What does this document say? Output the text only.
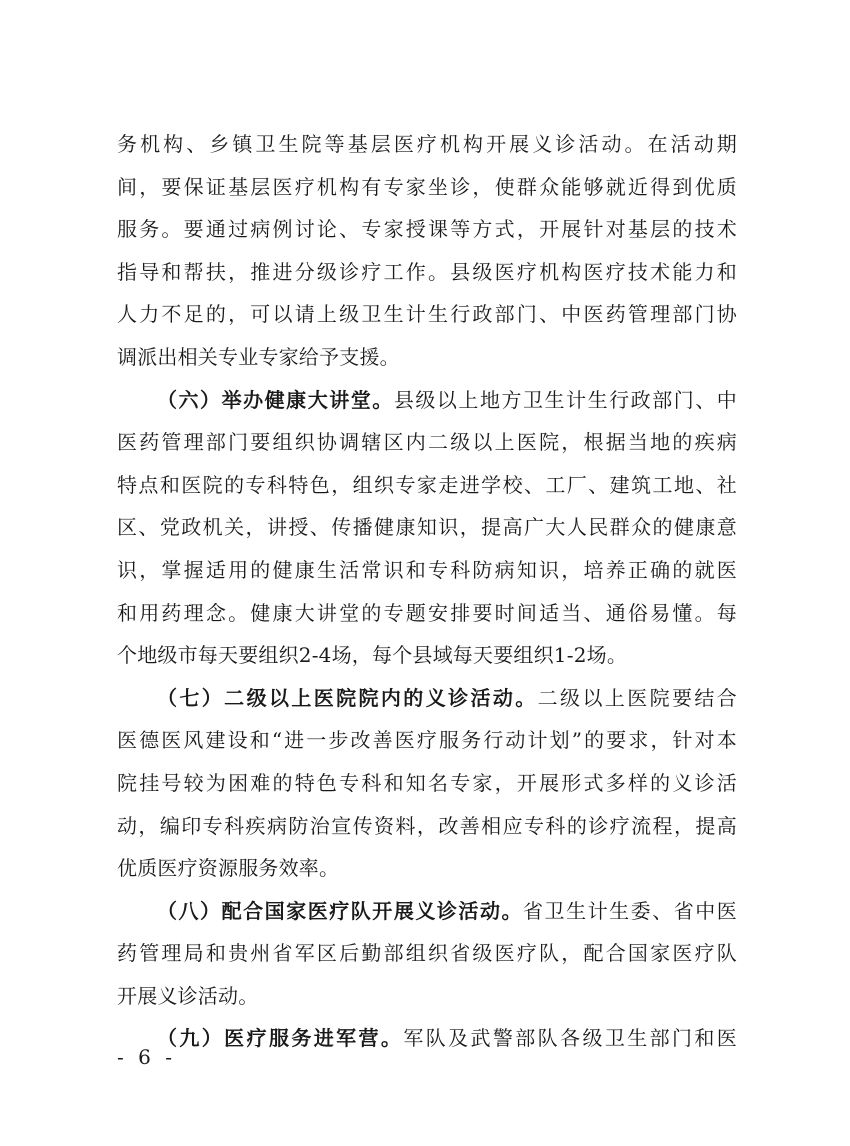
务机构、乡镇卫生院等基层医疗机构开展义诊活动。在活动期
间，要保证基层医疗机构有专家坐诊，使群众能够就近得到优质
服务。要通过病例讨论、专家授课等方式，开展针对基层的技术
指导和帮扶，推进分级诊疗工作。县级医疗机构医疗技术能力和
人力不足的，可以请上级卫生计生行政部门、中医药管理部门协
调派出相关专业专家给予支援。
（六）举办健康大讲堂。县级以上地方卫生计生行政部门、中
医药管理部门要组织协调辖区内二级以上医院，根据当地的疾病
特点和医院的专科特色，组织专家走进学校、工厂、建筑工地、社
区、党政机关，讲授、传播健康知识，提高广大人民群众的健康意
识，掌握适用的健康生活常识和专科防病知识，培养正确的就医
和用药理念。健康大讲堂的专题安排要时间适当、通俗易懂。每
个地级市每天要组织2-4场，每个县域每天要组织1-2场。
（七）二级以上医院院内的义诊活动。二级以上医院要结合
医德医风建设和“进一步改善医疗服务行动计划”的要求，针对本
院挂号较为困难的特色专科和知名专家，开展形式多样的义诊活
动，编印专科疾病防治宣传资料，改善相应专科的诊疗流程，提高
优质医疗资源服务效率。
（八）配合国家医疗队开展义诊活动。省卫生计生委、省中医
药管理局和贵州省军区后勤部组织省级医疗队，配合国家医疗队
开展义诊活动。
（九）医疗服务进军营。军队及武警部队各级卫生部门和医
- 6 -
